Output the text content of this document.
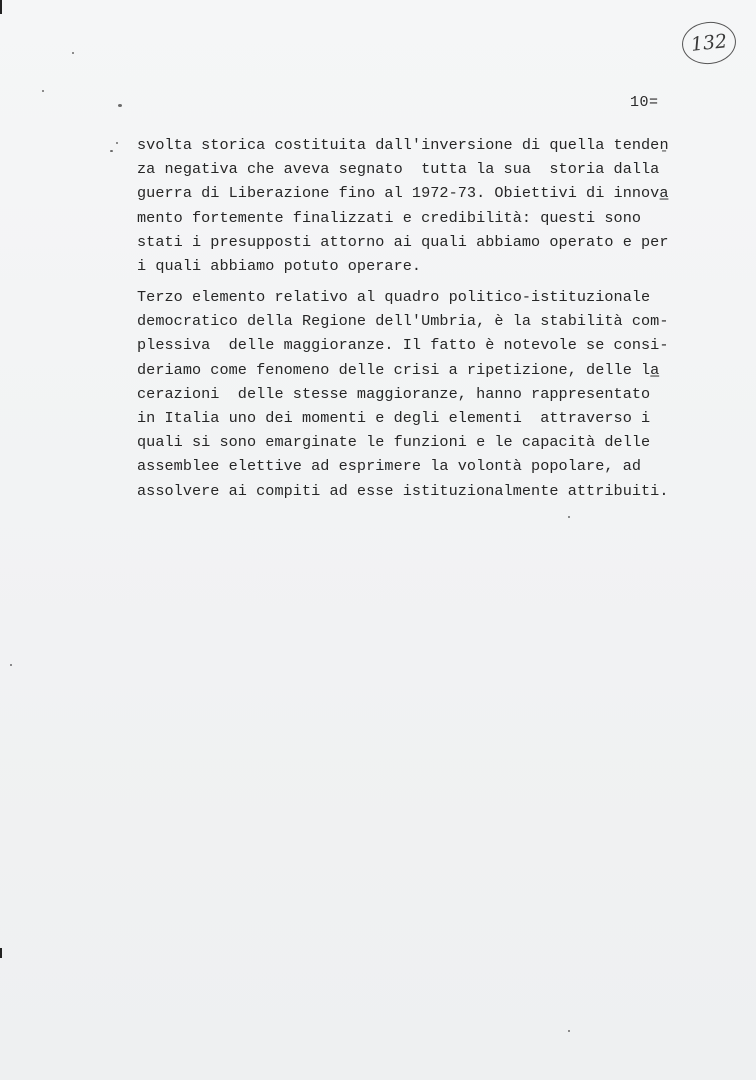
132
10=
svolta storica costituita dall'inversione di quella tendeṉ
za negativa che aveva segnato  tutta la sua  storia dalla
guerra di Liberazione fino al 1972-73. Obiettivi di innova̲
mento fortemente finalizzati e credibilità: questi sono
stati i presupposti attorno ai quali abbiamo operato e per
i quali abbiamo potuto operare.
Terzo elemento relativo al quadro politico-istituzionale
democratico della Regione dell'Umbria, è la stabilità com-
plessiva  delle maggioranze. Il fatto è notevole se consi-
deriamo come fenomeno delle crisi a ripetizione, delle la̲
cerazioni  delle stesse maggioranze, hanno rappresentato
in Italia uno dei momenti e degli elementi  attraverso i
quali si sono emarginate le funzioni e le capacità delle
assemblee elettive ad esprimere la volontà popolare, ad
assolvere ai compiti ad esse istituzionalmente attribuiti.
